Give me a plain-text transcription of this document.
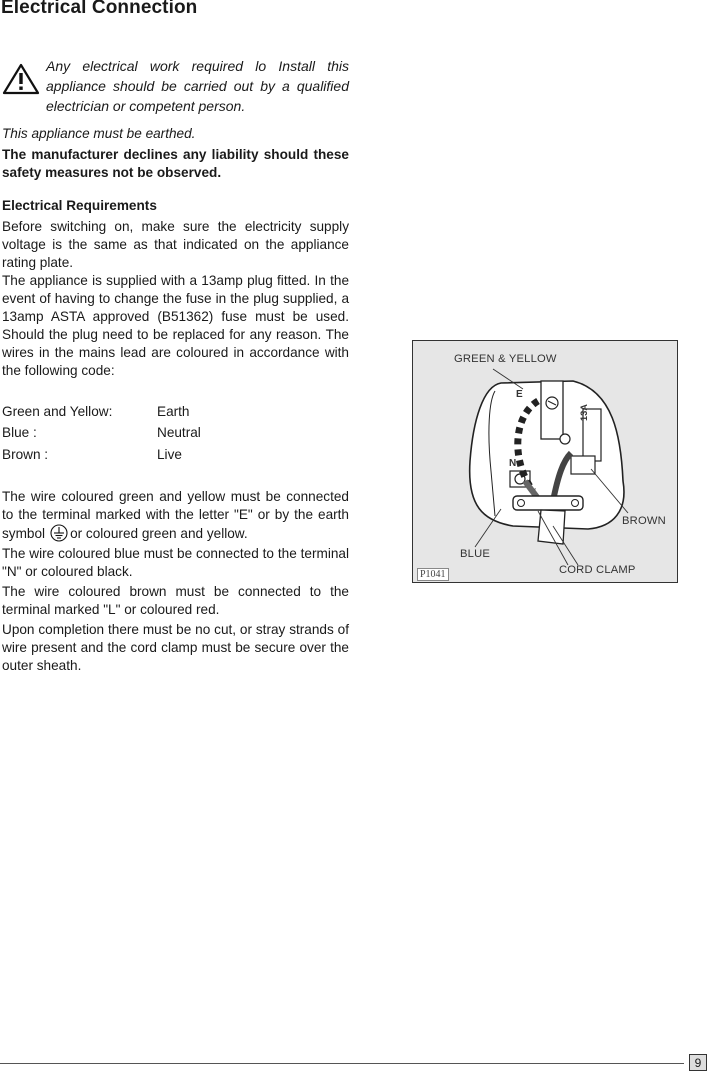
Electrical Connection
Any electrical work required lo Install this appliance should be carried out by a qualified electrician or competent person.
This appliance must be earthed.
The manufacturer declines any liability should these safety measures not be observed.
Electrical Requirements
Before switching on, make sure the electricity supply voltage is the same as that indicated on the appliance rating plate.
The appliance is supplied with a 13amp plug fitted. In the event of having to change the fuse in the plug supplied, a 13amp ASTA approved (B51362) fuse must be used. Should the plug need to be replaced for any reason. The wires in the mains lead are coloured in accordance with the following code:
Green and Yellow:	Earth
Blue :	Neutral
Brown :	Live
The wire coloured green and yellow must be connected to the terminal marked with the letter "E" or by the earth symbol or coloured green and yellow.
The wire coloured blue must be connected to the terminal "N" or coloured black.
The wire coloured brown must be connected to the terminal marked "L" or coloured red.
Upon completion there must be no cut, or stray strands of wire present and the cord clamp must be secure over the outer sheath.
E
N
13A
GREEN & YELLOW
BROWN
BLUE
CORD CLAMP
P1041
9
